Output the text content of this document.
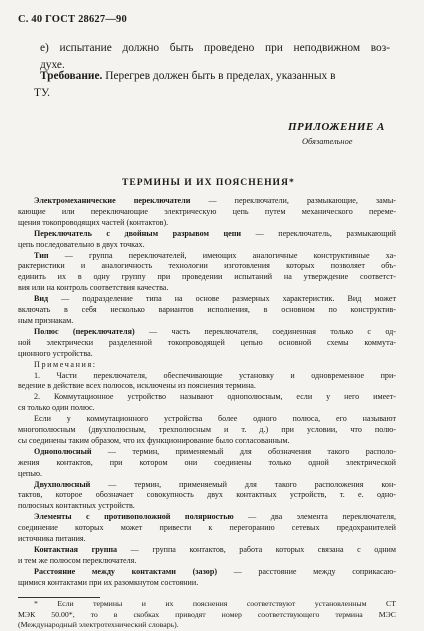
С. 40 ГОСТ 28627—90
е) испытание должно быть проведено при неподвижном воз-
духе.
Требование. Перегрев должен быть в пределах, указанных в
ТУ.
ПРИЛОЖЕНИЕ А
Обязательное
ТЕРМИНЫ И ИХ ПОЯСНЕНИЯ*
Электромеханические переключатели — переключатели, размыкающие, замы-
кающие или переключающие электрическую цепь путем механического переме-
щения токопроводящих частей (контактов).
Переключатель с двойным разрывом цепи — переключатель, размыкающий
цепь последовательно в двух точках.
Тип — группа переключателей, имеющих аналогичные конструктивные ха-
рактеристики и аналогичность технологии изготовления которых позволяет объ-
единить их в одну группу при проведении испытаний на утверждение соответст-
вия или на контроль соответствия качества.
Вид — подразделение типа на основе размерных характеристик. Вид может
включать в себя несколько вариантов исполнения, в основном по конструктив-
ным признакам.
Полюс (переключателя) — часть переключателя, соединенная только с од-
ной электрически разделенной токопроводящей цепью основной схемы коммута-
ционного устройства.
Примечания:
1. Части переключателя, обеспечивающие установку и одновременное при-
ведение в действие всех полюсов, исключены из пояснения термина.
2. Коммутационное устройство называют однополюсным, если у него имеет-
ся только один полюс.
Если у коммутационного устройства более одного полюса, его называют
многополюсным (двухполюсным, трехполюсным и т. д.) при условии, что полю-
сы соединены таким образом, что их функционирование было согласованным.
Однополюсный — термин, применяемый для обозначения такого располо-
жения контактов, при котором они соединены только одной электрической
цепью.
Двухполюсный — термин, применяемый для такого расположения кон-
тактов, которое обозначает совокупность двух контактных устройств, т. е. одно-
полюсных контактных устройств.
Элементы с противоположной полярностью — два элемента переключателя,
соединение которых может привести к перегоранию сетевых предохранителей
источника питания.
Контактная группа — группа контактов, работа которых связана с одним
и тем же полюсом переключателя.
Расстояние между контактами (зазор) — расстояние между соприкасаю-
щимися контактами при их разомкнутом состоянии.
* Если термины и их пояснения соответствуют установленным СТ
МЭК 50.00*, то в скобках приводят номер соответствующего термина МЭС
(Международный электротехнический словарь).
